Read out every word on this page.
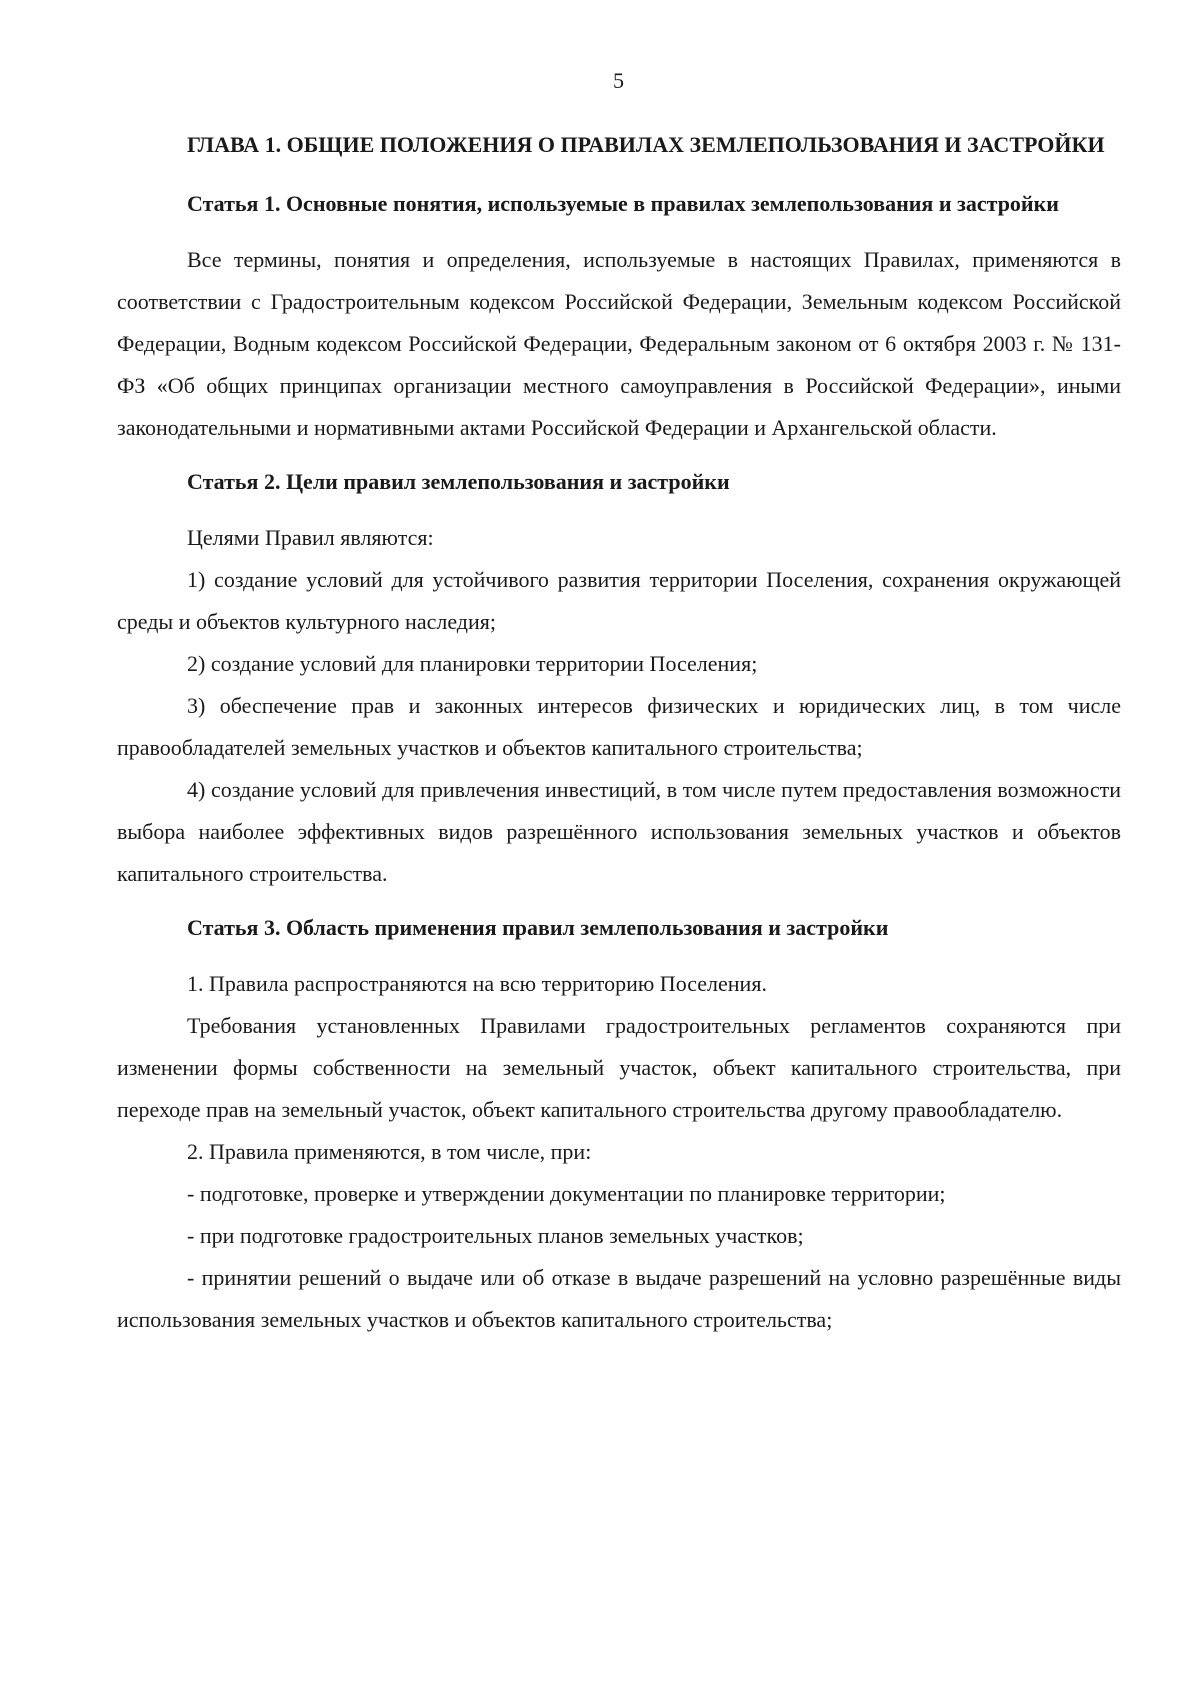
5

ГЛАВА 1. ОБЩИЕ ПОЛОЖЕНИЯ О ПРАВИЛАХ ЗЕМЛЕПОЛЬЗОВАНИЯ И ЗАСТРОЙКИ

Статья 1. Основные понятия, используемые в правилах землепользования и застройки

Все термины, понятия и определения, используемые в настоящих Правилах, применяются в соответствии с Градостроительным кодексом Российской Федерации, Земельным кодексом Российской Федерации, Водным кодексом Российской Федерации, Федеральным законом от 6 октября 2003 г. № 131-ФЗ «Об общих принципах организации местного самоуправления в Российской Федерации», иными законодательными и нормативными актами Российской Федерации и Архангельской области.

Статья 2. Цели правил землепользования и застройки

Целями Правил являются:

1) создание условий для устойчивого развития территории Поселения, сохранения окружающей среды и объектов культурного наследия;

2) создание условий для планировки территории Поселения;

3) обеспечение прав и законных интересов физических и юридических лиц, в том числе правообладателей земельных участков и объектов капитального строительства;

4) создание условий для привлечения инвестиций, в том числе путем предоставления возможности выбора наиболее эффективных видов разрешённого использования земельных участков и объектов капитального строительства.

Статья 3. Область применения правил землепользования и застройки

1. Правила распространяются на всю территорию Поселения.

Требования установленных Правилами градостроительных регламентов сохраняются при изменении формы собственности на земельный участок, объект капитального строительства, при переходе прав на земельный участок, объект капитального строительства другому правообладателю.

2. Правила применяются, в том числе, при:

- подготовке, проверке и утверждении документации по планировке территории;

- при подготовке градостроительных планов земельных участков;

- принятии решений о выдаче или об отказе в выдаче разрешений на условно разрешённые виды использования земельных участков и объектов капитального строительства;
